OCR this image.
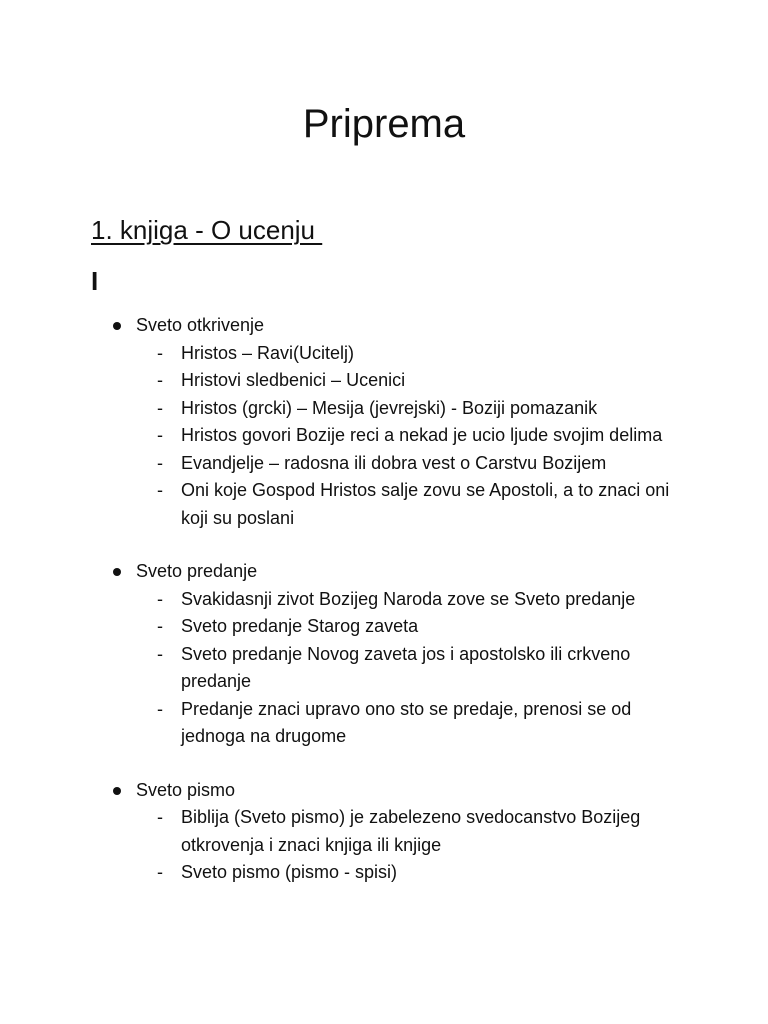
Priprema
1. knjiga - O ucenju
I
Sveto otkrivenje
- Hristos – Ravi(Ucitelj)
- Hristovi sledbenici – Ucenici
- Hristos (grcki) – Mesija (jevrejski) - Boziji pomazanik
- Hristos govori Bozije reci a nekad je ucio ljude svojim delima
- Evandjelje – radosna ili dobra vest o Carstvu Bozijem
- Oni koje Gospod Hristos salje zovu se Apostoli, a to znaci oni koji su poslani
Sveto predanje
- Svakidasnji zivot Bozijeg Naroda zove se Sveto predanje
- Sveto predanje Starog zaveta
- Sveto predanje Novog zaveta jos i apostolsko ili crkveno predanje
- Predanje znaci upravo ono sto se predaje, prenosi se od jednoga na drugome
Sveto pismo
- Biblija (Sveto pismo) je zabelezeno svedocanstvo Bozijeg otkrovenja i znaci knjiga ili knjige
- Sveto pismo (pismo - spisi)
